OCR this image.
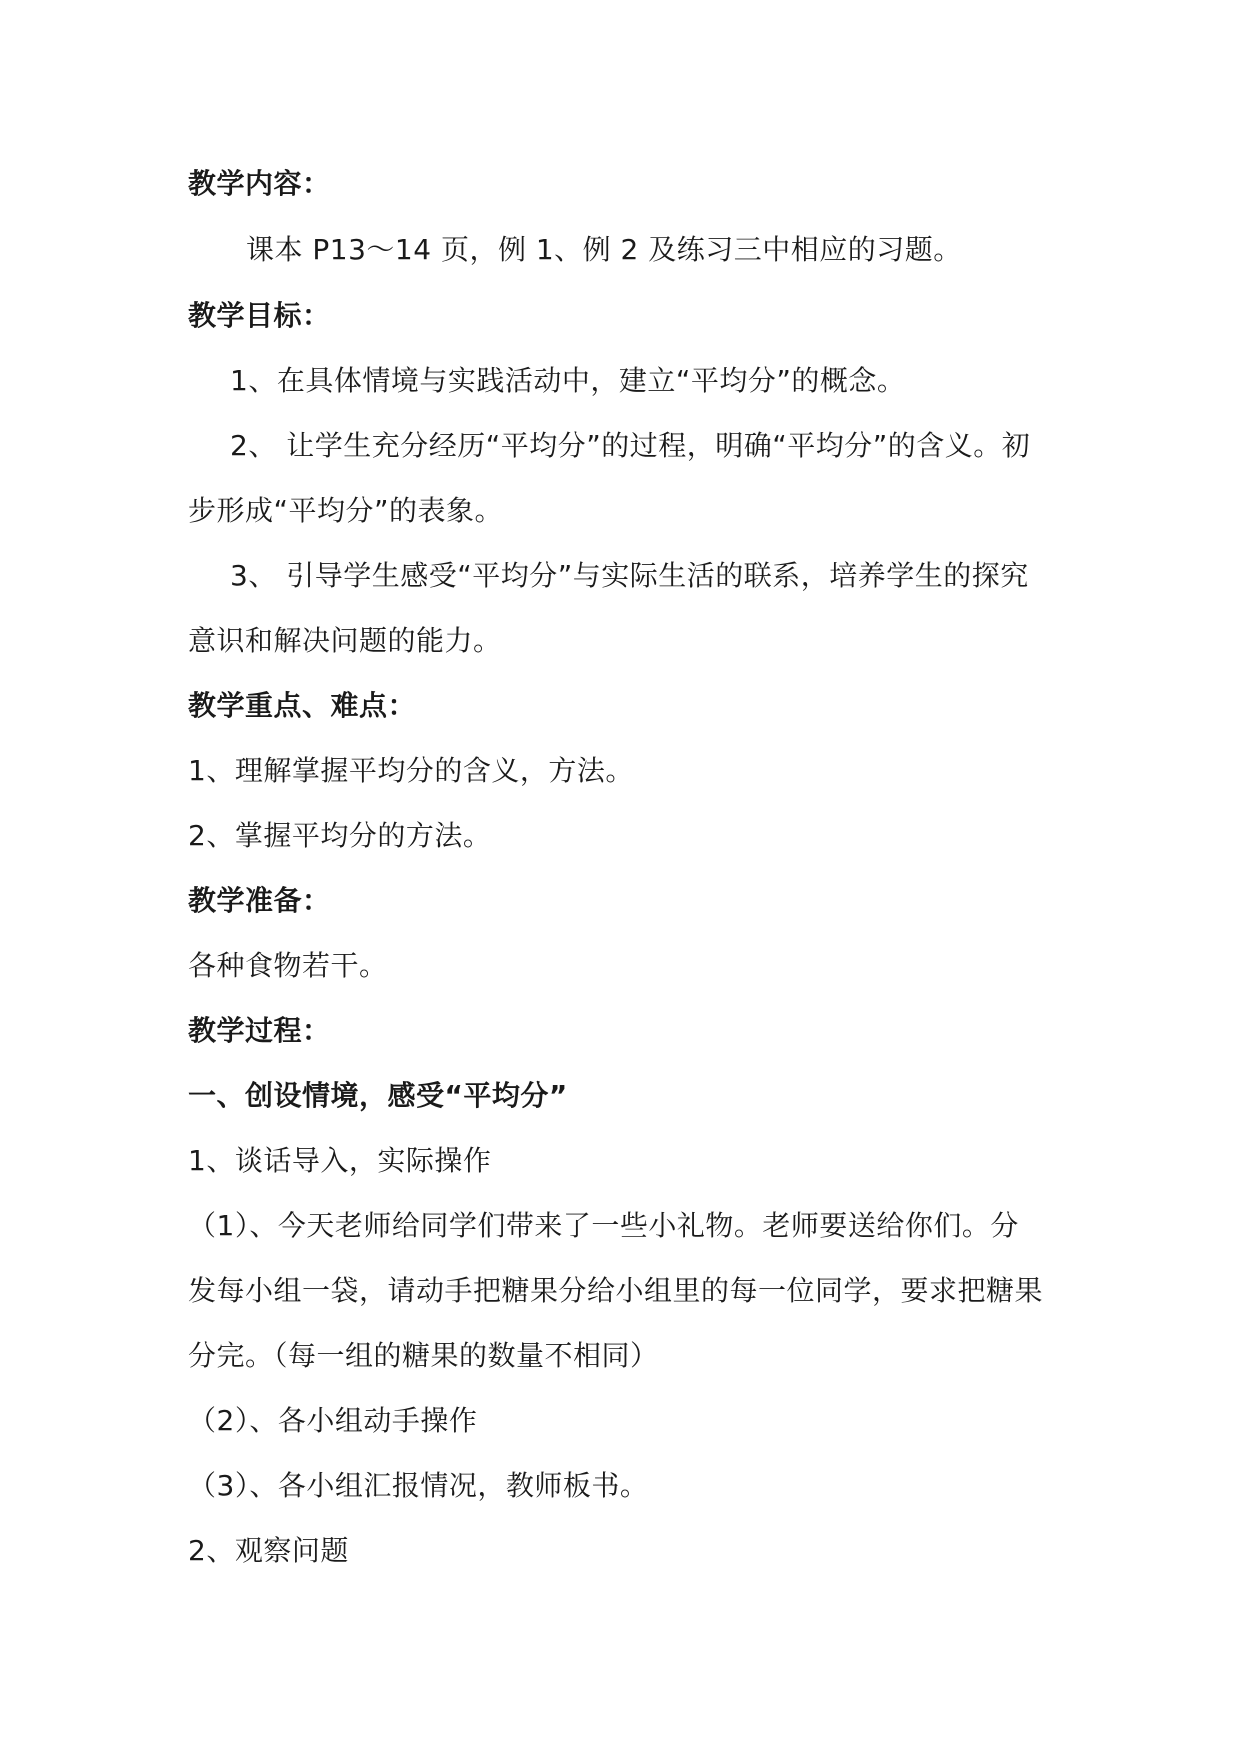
教学内容：
课本 P13～14 页，例 1、例 2 及练习三中相应的习题。
教学目标：
1、在具体情境与实践活动中，建立“平均分”的概念。
2、 让学生充分经历“平均分”的过程，明确“平均分”的含义。初
步形成“平均分”的表象。
3、 引导学生感受“平均分”与实际生活的联系，培养学生的探究
意识和解决问题的能力。
教学重点、难点：
1、理解掌握平均分的含义，方法。
2、掌握平均分的方法。
教学准备：
各种食物若干。
教学过程：
一、创设情境，感受“平均分”
1、谈话导入，实际操作
（1）、今天老师给同学们带来了一些小礼物。老师要送给你们。分
发每小组一袋，请动手把糖果分给小组里的每一位同学，要求把糖果
分完。（每一组的糖果的数量不相同）
（2）、各小组动手操作
（3）、各小组汇报情况，教师板书。
2、观察问题
